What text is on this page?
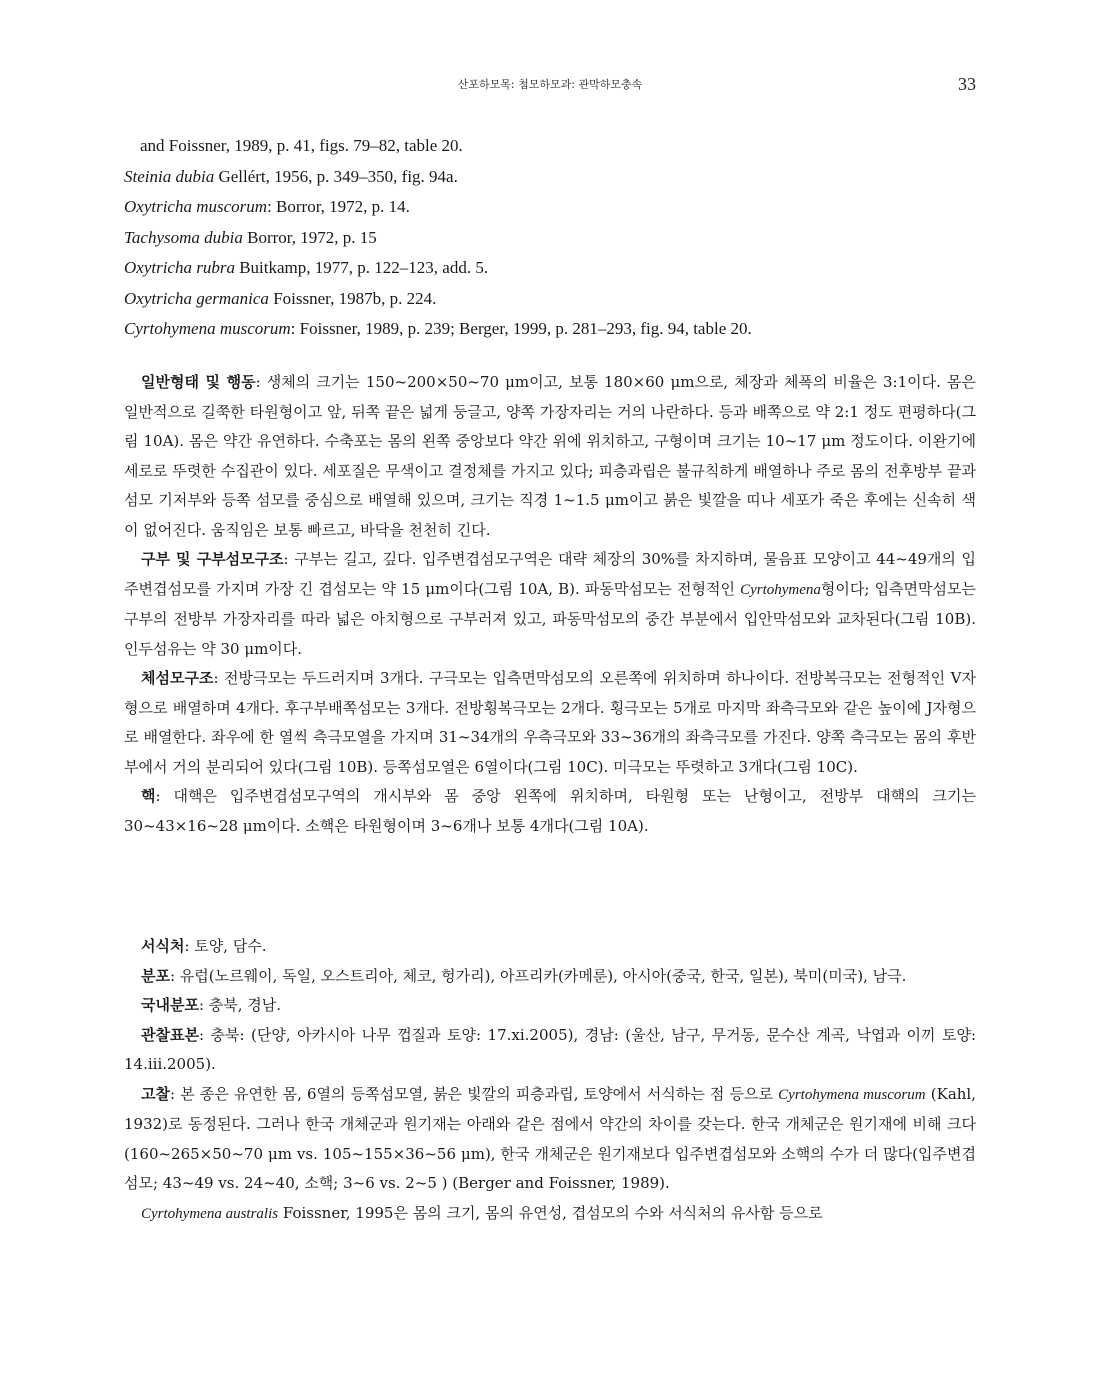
산포하모목: 첨모하모과: 관막하모충속	33
and Foissner, 1989, p. 41, figs. 79–82, table 20.
Steinia dubia Gellért, 1956, p. 349–350, fig. 94a.
Oxytricha muscorum: Borror, 1972, p. 14.
Tachysoma dubia Borror, 1972, p. 15
Oxytricha rubra Buitkamp, 1977, p. 122–123, add. 5.
Oxytricha germanica Foissner, 1987b, p. 224.
Cyrtohymena muscorum: Foissner, 1989, p. 239; Berger, 1999, p. 281–293, fig. 94, table 20.

일반형태 및 행동: 생체의 크기는 150~200×50~70 μm이고, 보통 180×60 μm으로, 체장과 체폭의 비율은 3:1이다. 몸은 일반적으로 길쭉한 타원형이고 앞, 뒤쪽 끝은 넓게 둥글고, 양쪽 가장자리는 거의 나란하다. 등과 배쪽으로 약 2:1 정도 편평하다(그림 10A). 몸은 약간 유연하다. 수축포는 몸의 왼쪽 중앙보다 약간 위에 위치하고, 구형이며 크기는 10~17 μm 정도이다. 이완기에 세로로 뚜렷한 수집관이 있다. 세포질은 무색이고 결정체를 가지고 있다; 피층과립은 불규칙하게 배열하나 주로 몸의 전후방부 끝과 섬모 기저부와 등쪽 섬모를 중심으로 배열해 있으며, 크기는 직경 1~1.5 μm이고 붉은 빛깔을 띠나 세포가 죽은 후에는 신속히 색이 없어진다. 움직임은 보통 빠르고, 바닥을 천천히 긴다.

구부 및 구부섬모구조: 구부는 길고, 깊다. 입주변겹섬모구역은 대략 체장의 30%를 차지하며, 물음표 모양이고 44~49개의 입주변겹섬모를 가지며 가장 긴 겹섬모는 약 15 μm이다(그림 10A, B). 파동막섬모는 전형적인 Cyrtohymena형이다; 입측면막섬모는 구부의 전방부 가장자리를 따라 넓은 아치형으로 구부러져 있고, 파동막섬모의 중간 부분에서 입안막섬모와 교차된다(그림 10B). 인두섬유는 약 30 μm이다.

체섬모구조: 전방극모는 두드러지며 3개다. 구극모는 입측면막섬모의 오른쪽에 위치하며 하나이다. 전방복극모는 전형적인 V자형으로 배열하며 4개다. 후구부배쪽섬모는 3개다. 전방횡복극모는 2개다. 횡극모는 5개로 마지막 좌측극모와 같은 높이에 J자형으로 배열한다. 좌우에 한 열씩 측극모열을 가지며 31~34개의 우측극모와 33~36개의 좌측극모를 가진다. 양쪽 측극모는 몸의 후반부에서 거의 분리되어 있다(그림 10B). 등쪽섬모열은 6열이다(그림 10C). 미극모는 뚜렷하고 3개다(그림 10C).

핵: 대핵은 입주변겹섬모구역의 개시부와 몸 중앙 왼쪽에 위치하며, 타원형 또는 난형이고, 전방부 대핵의 크기는 30~43×16~28 μm이다. 소핵은 타원형이며 3~6개나 보통 4개다(그림 10A).

서식처: 토양, 담수.

분포: 유럽(노르웨이, 독일, 오스트리아, 체코, 헝가리), 아프리카(카메룬), 아시아(중국, 한국, 일본), 북미(미국), 남극.

국내분포: 충북, 경남.

관찰표본: 충북: (단양, 아카시아 나무 껍질과 토양: 17.xi.2005), 경남: (울산, 남구, 무거동, 문수산 계곡, 낙엽과 이끼 토양: 14.iii.2005).

고찰: 본 종은 유연한 몸, 6열의 등쪽섬모열, 붉은 빛깔의 피층과립, 토양에서 서식하는 점 등으로 Cyrtohymena muscorum (Kahl, 1932)로 동정된다. 그러나 한국 개체군과 원기재는 아래와 같은 점에서 약간의 차이를 갖는다. 한국 개체군은 원기재에 비해 크다(160~265×50~70 μm vs. 105~155×36~56 μm), 한국 개체군은 원기재보다 입주변겹섬모와 소핵의 수가 더 많다(입주변겹섬모; 43~49 vs. 24~40, 소핵; 3~6 vs. 2~5 ) (Berger and Foissner, 1989).

Cyrtohymena australis Foissner, 1995은 몸의 크기, 몸의 유연성, 겹섬모의 수와 서식처의 유사함 등으로
